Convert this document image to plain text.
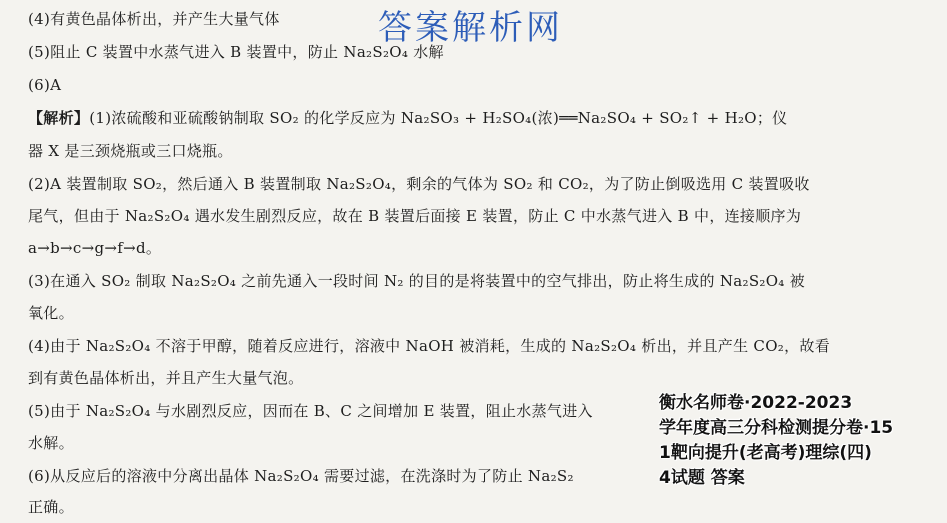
(4)有黄色晶体析出，并产生大量气体
(5)阻止 C 装置中水蒸气进入 B 装置中，防止 Na₂S₂O₄ 水解
(6)A
【解析】(1)浓硫酸和亚硫酸钠制取 SO₂ 的化学反应为 Na₂SO₃ + H₂SO₄(浓)══Na₂SO₄ + SO₂↑ + H₂O；仪
器 X 是三颈烧瓶或三口烧瓶。
(2)A 装置制取 SO₂，然后通入 B 装置制取 Na₂S₂O₄，剩余的气体为 SO₂ 和 CO₂，为了防止倒吸选用 C 装置吸收
尾气，但由于 Na₂S₂O₄ 遇水发生剧烈反应，故在 B 装置后面接 E 装置，防止 C 中水蒸气进入 B 中，连接顺序为
a→b→c→g→f→d。
(3)在通入 SO₂ 制取 Na₂S₂O₄ 之前先通入一段时间 N₂ 的目的是将装置中的空气排出，防止将生成的 Na₂S₂O₄ 被
氧化。
(4)由于 Na₂S₂O₄ 不溶于甲醇，随着反应进行，溶液中 NaOH 被消耗，生成的 Na₂S₂O₄ 析出，并且产生 CO₂，故看
到有黄色晶体析出，并且产生大量气泡。
(5)由于 Na₂S₂O₄ 与水剧烈反应，因而在 B、C 之间增加 E 装置，阻止水蒸气进入
水解。
(6)从反应后的溶液中分离出晶体 Na₂S₂O₄ 需要过滤，在洗涤时为了防止 Na₂S₂
正确。
答案解析网
衡水名师卷·2022-2023
学年度高三分科检测提分卷·15
1靶向提升(老高考)理综(四)
4试题 答案
